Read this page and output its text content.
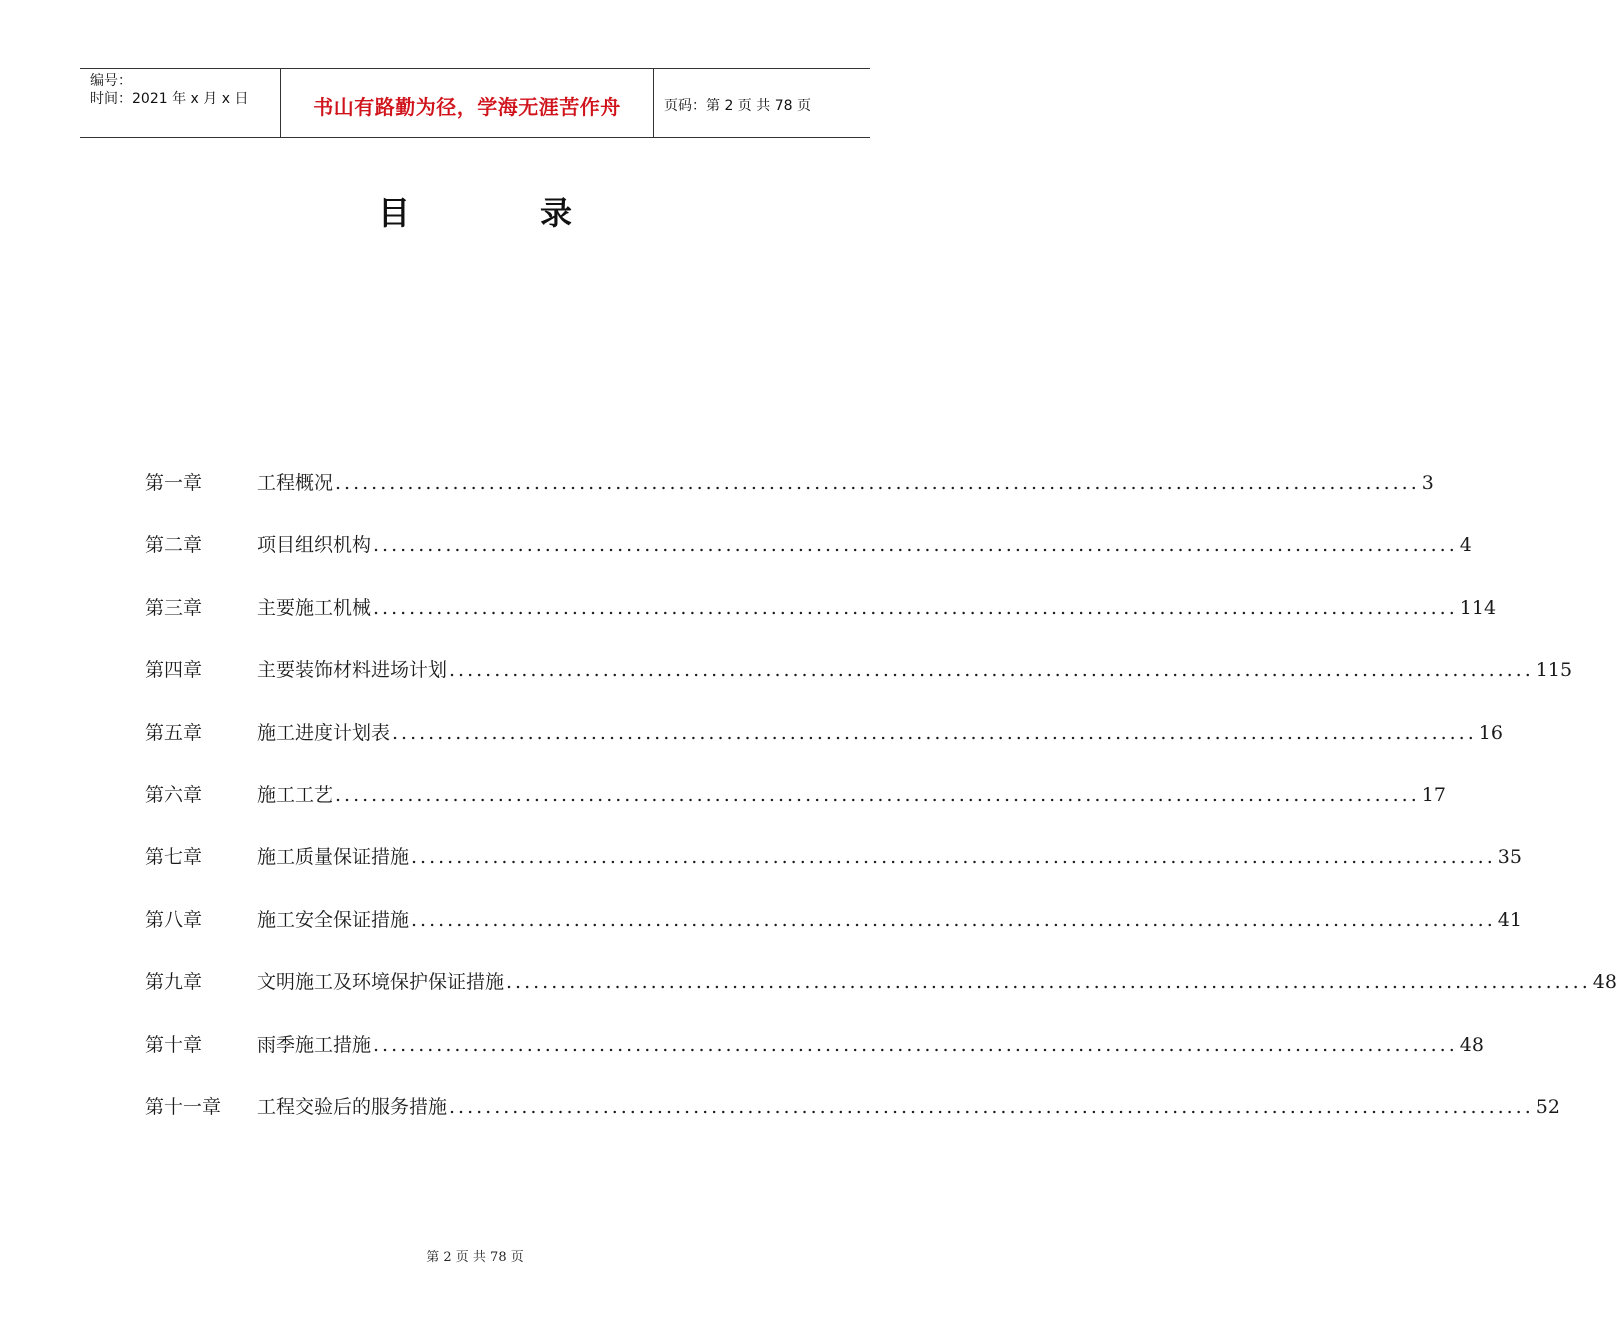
编号：
时间：2021 年 x 月 x 日	书山有路勤为径，学海无涯苦作舟	页码：第 2 页 共 78 页
目	录
第一章	工程概况 ........................................................................................................................ 3
第二章	项目组织机构 ........................................................................................................................ 4
第三章	主要施工机械 ........................................................................................................................ 114
第四章	主要装饰材料进场计划 ........................................................................................................................ 115
第五章	施工进度计划表 ........................................................................................................................ 16
第六章	施工工艺 ........................................................................................................................ 17
第七章	施工质量保证措施 ........................................................................................................................ 35
第八章	施工安全保证措施 ........................................................................................................................ 41
第九章	文明施工及环境保护保证措施 ........................................................................................................................ 48
第十章	雨季施工措施 ........................................................................................................................ 48
第十一章	工程交验后的服务措施 ........................................................................................................................ 52
第 2 页 共 78 页
